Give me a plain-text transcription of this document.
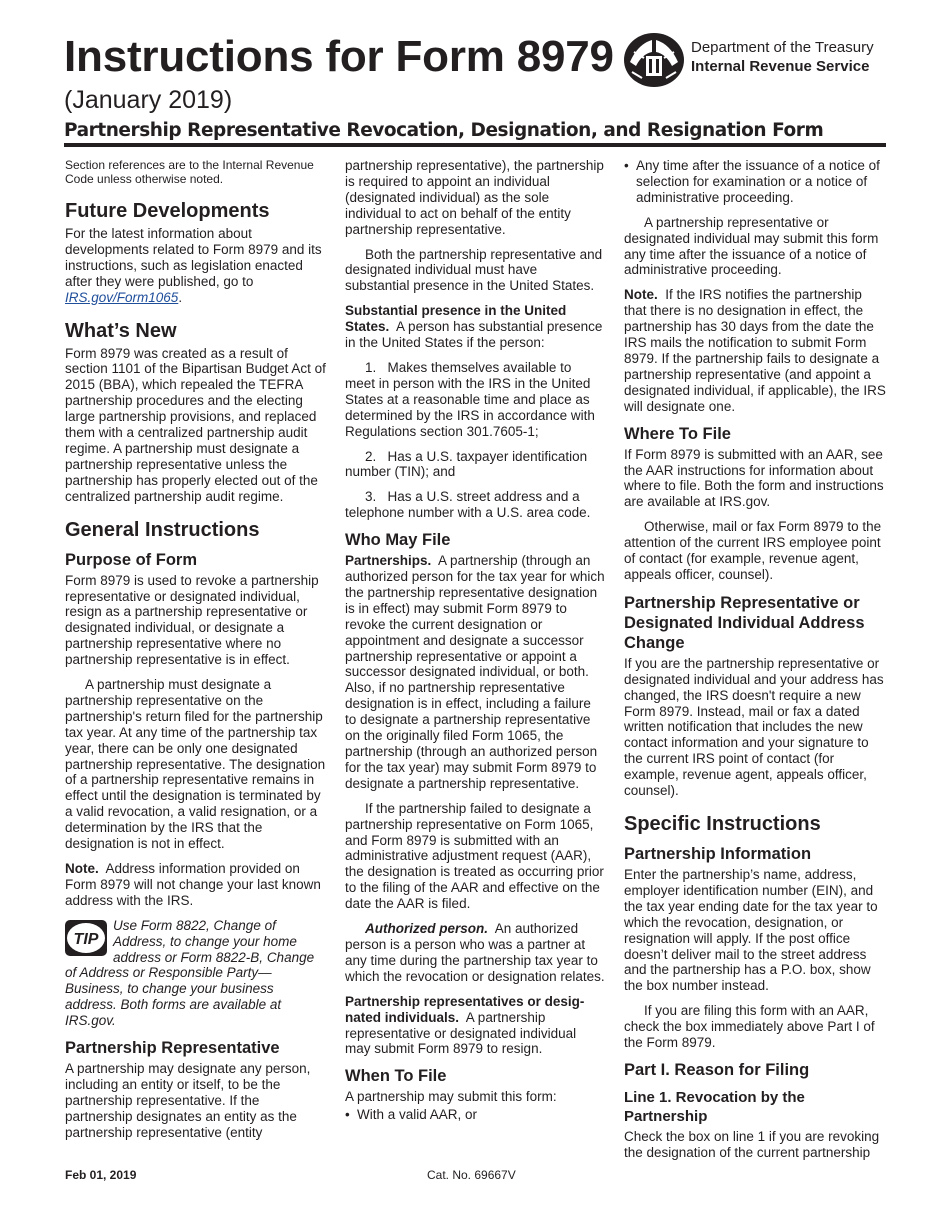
Instructions for Form 8979
(January 2019)
Partnership Representative Revocation, Designation, and Resignation Form
Department of the Treasury
Internal Revenue Service

Section references are to the Internal Revenue Code unless otherwise noted.

Future Developments

For the latest information about developments related to Form 8979 and its instructions, such as legislation enacted after they were published, go to IRS.gov/Form1065.

What’s New

Form 8979 was created as a result of section 1101 of the Bipartisan Budget Act of 2015 (BBA), which repealed the TEFRA partnership procedures and the electing large partnership provisions, and replaced them with a centralized partnership audit regime. A partnership must designate a partnership representative unless the partnership has properly elected out of the centralized partnership audit regime.

General Instructions
Purpose of Form

Form 8979 is used to revoke a partnership representative or designated individual, resign as a partnership representative or designated individual, or designate a partnership representative where no partnership representative is in effect.

A partnership must designate a partnership representative on the partnership's return filed for the partnership tax year. At any time of the partnership tax year, there can be only one designated partnership representative. The designation of a partnership representative remains in effect until the designation is terminated by a valid revocation, a valid resignation, or a determination by the IRS that the designation is not in effect.

Note. Address information provided on Form 8979 will not change your last known address with the IRS.

TIP
Use Form 8822, Change of Address, to change your home address or Form 8822-B, Change of Address or Responsible Party—Business, to change your business address. Both forms are available at IRS.gov.

Partnership Representative

A partnership may designate any person, including an entity or itself, to be the partnership representative. If the partnership designates an entity as the partnership representative (entity

partnership representative), the partnership is required to appoint an individual (designated individual) as the sole individual to act on behalf of the entity partnership representative.

Both the partnership representative and designated individual must have substantial presence in the United States.

Substantial presence in the United States. A person has substantial presence in the United States if the person:

1.   Makes themselves available to meet in person with the IRS in the United States at a reasonable time and place as determined by the IRS in accordance with Regulations section 301.7605-1;

2.   Has a U.S. taxpayer identification number (TIN); and

3.   Has a U.S. street address and a telephone number with a U.S. area code.

Who May File

Partnerships. A partnership (through an authorized person for the tax year for which the partnership representative designation is in effect) may submit Form 8979 to revoke the current designation or appointment and designate a successor partnership representative or appoint a successor designated individual, or both. Also, if no partnership representative designation is in effect, including a failure to designate a partnership representative on the originally filed Form 1065, the partnership (through an authorized person for the tax year) may submit Form 8979 to designate a partnership representative.

If the partnership failed to designate a partnership representative on Form 1065, and Form 8979 is submitted with an administrative adjustment request (AAR), the designation is treated as occurring prior to the filing of the AAR and effective on the date the AAR is filed.

Authorized person. An authorized person is a person who was a partner at any time during the partnership tax year to which the revocation or designation relates.

Partnership representatives or desig-nated individuals. A partnership representative or designated individual may submit Form 8979 to resign.

When To File

A partnership may submit this form:

• With a valid AAR, or

• Any time after the issuance of a notice of selection for examination or a notice of administrative proceeding.

A partnership representative or designated individual may submit this form any time after the issuance of a notice of administrative proceeding.

Note. If the IRS notifies the partnership that there is no designation in effect, the partnership has 30 days from the date the IRS mails the notification to submit Form 8979. If the partnership fails to designate a partnership representative (and appoint a designated individual, if applicable), the IRS will designate one.

Where To File

If Form 8979 is submitted with an AAR, see the AAR instructions for information about where to file. Both the form and instructions are available at IRS.gov.

Otherwise, mail or fax Form 8979 to the attention of the current IRS employee point of contact (for example, revenue agent, appeals officer, counsel).

Partnership Representative or Designated Individual Address Change

If you are the partnership representative or designated individual and your address has changed, the IRS doesn't require a new Form 8979. Instead, mail or fax a dated written notification that includes the new contact information and your signature to the current IRS point of contact (for example, revenue agent, appeals officer, counsel).

Specific Instructions
Partnership Information

Enter the partnership’s name, address, employer identification number (EIN), and the tax year ending date for the tax year to which the revocation, designation, or resignation will apply. If the post office doesn’t deliver mail to the street address and the partnership has a P.O. box, show the box number instead.

If you are filing this form with an AAR, check the box immediately above Part I of the Form 8979.

Part I. Reason for Filing
Line 1. Revocation by the Partnership

Check the box on line 1 if you are revoking the designation of the current partnership

Feb 01, 2019	Cat. No. 69667V
